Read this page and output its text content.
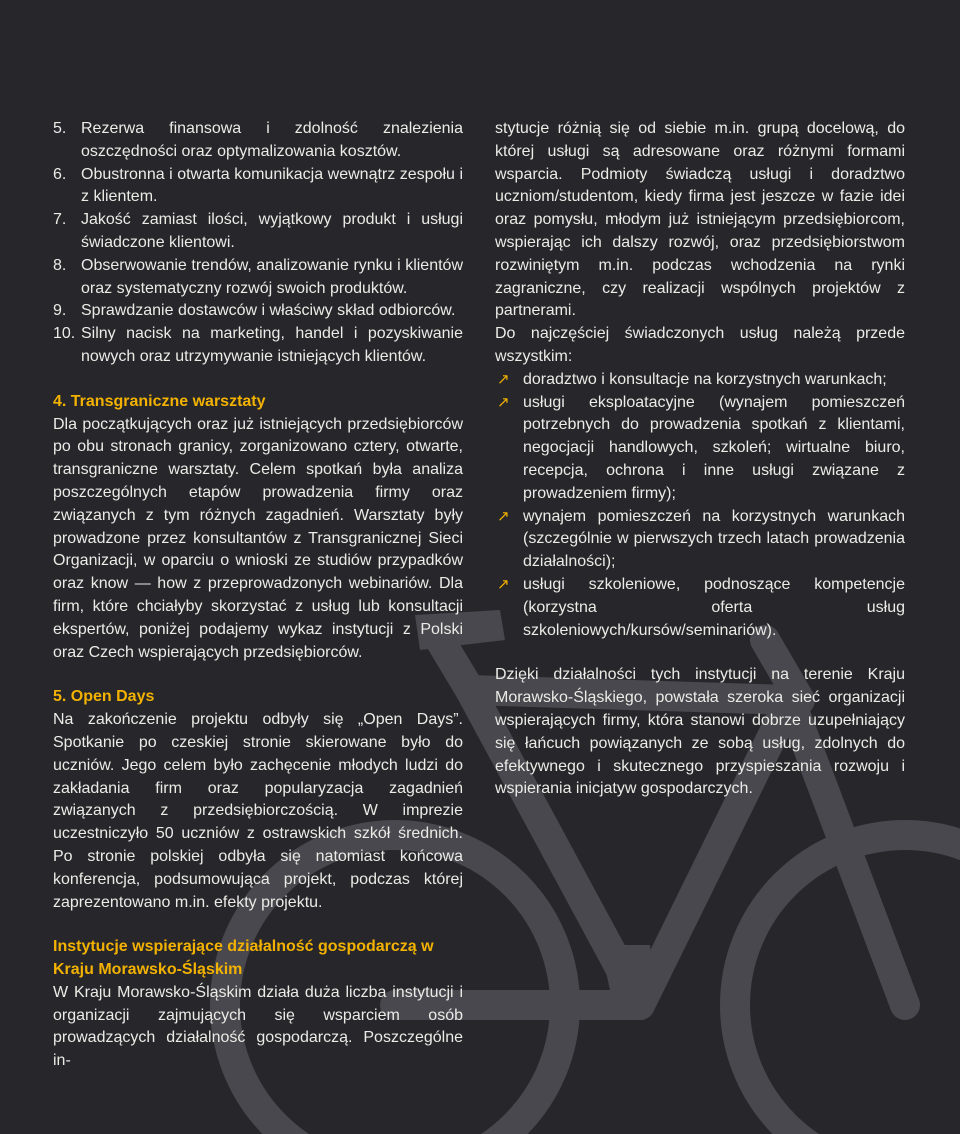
5. Rezerwa finansowa i zdolność znalezienia oszczędności oraz optymalizowania kosztów.
6. Obustronna i otwarta komunikacja wewnątrz zespołu i z klientem.
7. Jakość zamiast ilości, wyjątkowy produkt i usługi świadczone klientowi.
8. Obserwowanie trendów, analizowanie rynku i klientów oraz systematyczny rozwój swoich produktów.
9. Sprawdzanie dostawców i właściwy skład odbiorców.
10. Silny nacisk na marketing, handel i pozyskiwanie nowych oraz utrzymywanie istniejących klientów.

4. Transgraniczne warsztaty

Dla początkujących oraz już istniejących przedsiębiorców po obu stronach granicy, zorganizowano cztery, otwarte, transgraniczne warsztaty. Celem spotkań była analiza poszczególnych etapów prowadzenia firmy oraz związanych z tym różnych zagadnień. Warsztaty były prowadzone przez konsultantów z Transgranicznej Sieci Organizacji, w oparciu o wnioski ze studiów przypadków oraz know — how z przeprowadzonych webinariów. Dla firm, które chciałyby skorzystać z usług lub konsultacji ekspertów, poniżej podajemy wykaz instytucji z Polski oraz Czech wspierających przedsiębiorców.

5. Open Days

Na zakończenie projektu odbyły się „Open Days”. Spotkanie po czeskiej stronie skierowane było do uczniów. Jego celem było zachęcenie młodych ludzi do zakładania firm oraz popularyzacja zagadnień związanych z przedsiębiorczością. W imprezie uczestniczyło 50 uczniów z ostrawskich szkół średnich. Po stronie polskiej odbyła się natomiast końcowa konferencja, podsumowująca projekt, podczas której zaprezentowano m.in. efekty projektu.

Instytucje wspierające działalność gospodarczą w Kraju Morawsko-Śląskim

W Kraju Morawsko-Śląskim działa duża liczba instytucji i organizacji zajmujących się wsparciem osób prowadzących działalność gospodarczą. Poszczególne in-

stytucje różnią się od siebie m.in. grupą docelową, do której usługi są adresowane oraz różnymi formami wsparcia. Podmioty świadczą usługi i doradztwo uczniom/studentom, kiedy firma jest jeszcze w fazie idei oraz pomysłu, młodym już istniejącym przedsiębiorcom, wspierając ich dalszy rozwój, oraz przedsiębiorstwom rozwiniętym m.in. podczas wchodzenia na rynki zagraniczne, czy realizacji wspólnych projektów z partnerami.

Do najczęściej świadczonych usług należą przede wszystkim:

↗ doradztwo i konsultacje na korzystnych warunkach;
↗ usługi eksploatacyjne (wynajem pomieszczeń potrzebnych do prowadzenia spotkań z klientami, negocjacji handlowych, szkoleń; wirtualne biuro, recepcja, ochrona i inne usługi związane z prowadzeniem firmy);
↗ wynajem pomieszczeń na korzystnych warunkach (szczególnie w pierwszych trzech latach prowadzenia działalności);
↗ usługi szkoleniowe, podnoszące kompetencje (korzystna oferta usług szkoleniowych/kursów/seminariów).

Dzięki działalności tych instytucji na terenie Kraju Morawsko-Śląskiego, powstała szeroka sieć organizacji wspierających firmy, która stanowi dobrze uzupełniający się łańcuch powiązanych ze sobą usług, zdolnych do efektywnego i skutecznego przyspieszania rozwoju i wspierania inicjatyw gospodarczych.
